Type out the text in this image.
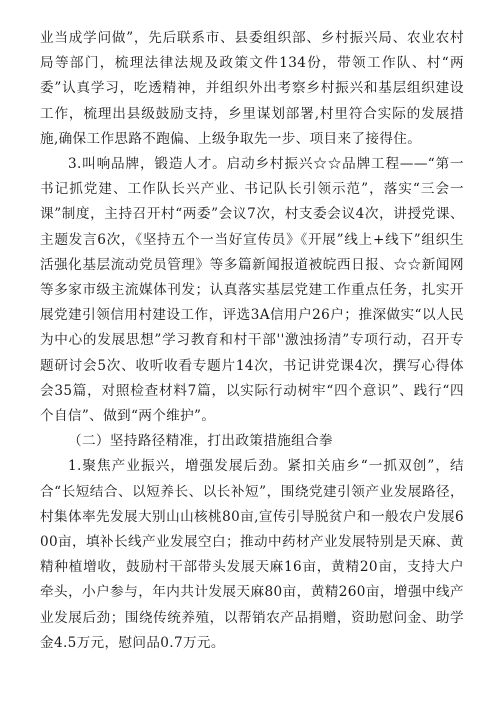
业当成学问做”，先后联系市、县委组织部、乡村振兴局、农业农村局等部门，梳理法律法规及政策文件134份，带领工作队、村“两委”认真学习，吃透精神，并组织外出考察乡村振兴和基层组织建设工作，梳理出县级鼓励支持，乡里谋划部署,村里符合实际的发展措施,确保工作思路不跑偏、上级争取先一步、项目来了接得住。

3.叫响品牌，锻造人才。启动乡村振兴☆☆品牌工程——“第一书记抓党建、工作队长兴产业、书记队长引领示范”，落实“三会一课”制度，主持召开村“两委”会议7次，村支委会议4次，讲授党课、主题发言6次，《坚持五个一当好宣传员》《开展”线上+线下”组织生活强化基层流动党员管理》等多篇新闻报道被皖西日报、☆☆新闻网等多家市级主流媒体刊发；认真落实基层党建工作重点任务，扎实开展党建引领信用村建设工作，评选3A信用户26户；推深做实“以人民为中心的发展思想”学习教育和村干部''激浊扬清”专项行动，召开专题研讨会5次、收听收看专题片14次，书记讲党课4次，撰写心得体会35篇，对照检查材料7篇，以实际行动树牢“四个意识”、践行“四个自信”、做到“两个维护”。

（二）坚持路径精准，打出政策措施组合拳

1.聚焦产业振兴，增强发展后劲。紧扣关庙乡“一抓双创”，结合“长短结合、以短养长、以长补短”，围绕党建引领产业发展路径，村集体率先发展大别山山核桃80亩,宣传引导脱贫户和一般农户发展600亩，填补长线产业发展空白；推动中药材产业发展特别是天麻、黄精种植增收，鼓励村干部带头发展天麻16亩，黄精20亩，支持大户牵头，小户参与，年内共计发展天麻80亩，黄精260亩，增强中线产业发展后劲；围绕传统养殖，以帮销农产品捐赠，资助慰问金、助学金4.5万元，慰问品0.7万元。
